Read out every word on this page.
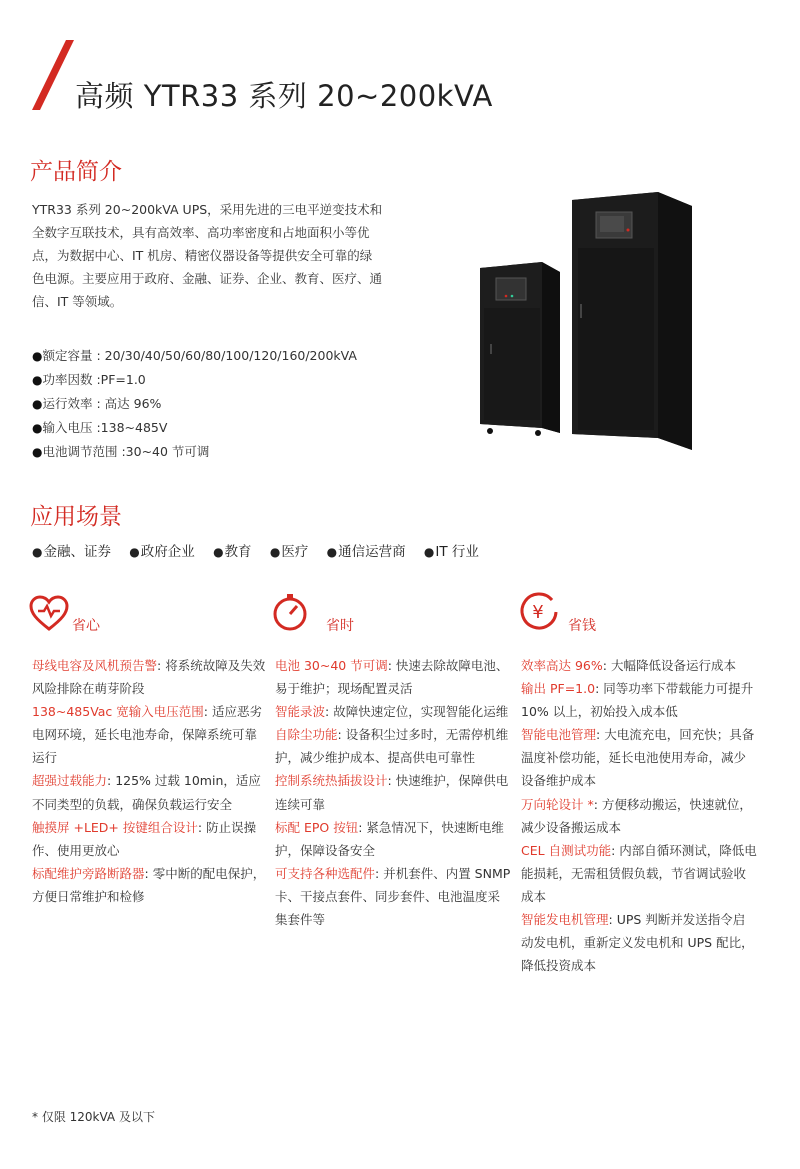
高频 YTR33 系列 20~200kVA
产品简介
YTR33 系列 20~200kVA UPS，采用先进的三电平逆变技术和全数字互联技术，具有高效率、高功率密度和占地面积小等优点，为数据中心、IT 机房、精密仪器设备等提供安全可靠的绿色电源。主要应用于政府、金融、证券、企业、教育、医疗、通信、IT 等领域。
● 额定容量 : 20/30/40/50/60/80/100/120/160/200kVA
● 功率因数 :PF=1.0
● 运行效率 : 高达 96%
● 输入电压 :138~485V
● 电池调节范围 :30~40 节可调
应用场景
● 金融、证券 ● 政府企业 ● 教育 ● 医疗 ● 通信运营商 ● IT 行业
省心	省时
¥
省钱
母线电容及风机预告警: 将系统故障及失效风险排除在萌芽阶段
138~485Vac 宽输入电压范围: 适应恶劣电网环境，延长电池寿命，保障系统可靠运行
超强过载能力: 125% 过载 10min，适应不同类型的负载，确保负载运行安全
触摸屏 +LED+ 按键组合设计: 防止误操作、使用更放心
标配维护旁路断路器: 零中断的配电保护，方便日常维护和检修
电池 30~40 节可调: 快速去除故障电池、易于维护；现场配置灵活
智能录波: 故障快速定位，实现智能化运维
自除尘功能: 设备积尘过多时，无需停机维护，减少维护成本、提高供电可靠性
控制系统热插拔设计: 快速维护，保障供电连续可靠
标配 EPO 按钮: 紧急情况下，快速断电维护，保障设备安全
可支持各种选配件: 并机套件、内置 SNMP 卡、干接点套件、同步套件、电池温度采集套件等
效率高达 96%: 大幅降低设备运行成本
输出 PF=1.0: 同等功率下带载能力可提升 10% 以上，初始投入成本低
智能电池管理: 大电流充电，回充快；具备温度补偿功能，延长电池使用寿命，减少设备维护成本
万向轮设计 *: 方便移动搬运，快速就位，减少设备搬运成本
CEL 自测试功能: 内部自循环测试，降低电能损耗，无需租赁假负载，节省调试验收成本
智能发电机管理: UPS 判断并发送指令启动发电机，重新定义发电机和 UPS 配比，降低投资成本
* 仅限 120kVA 及以下
